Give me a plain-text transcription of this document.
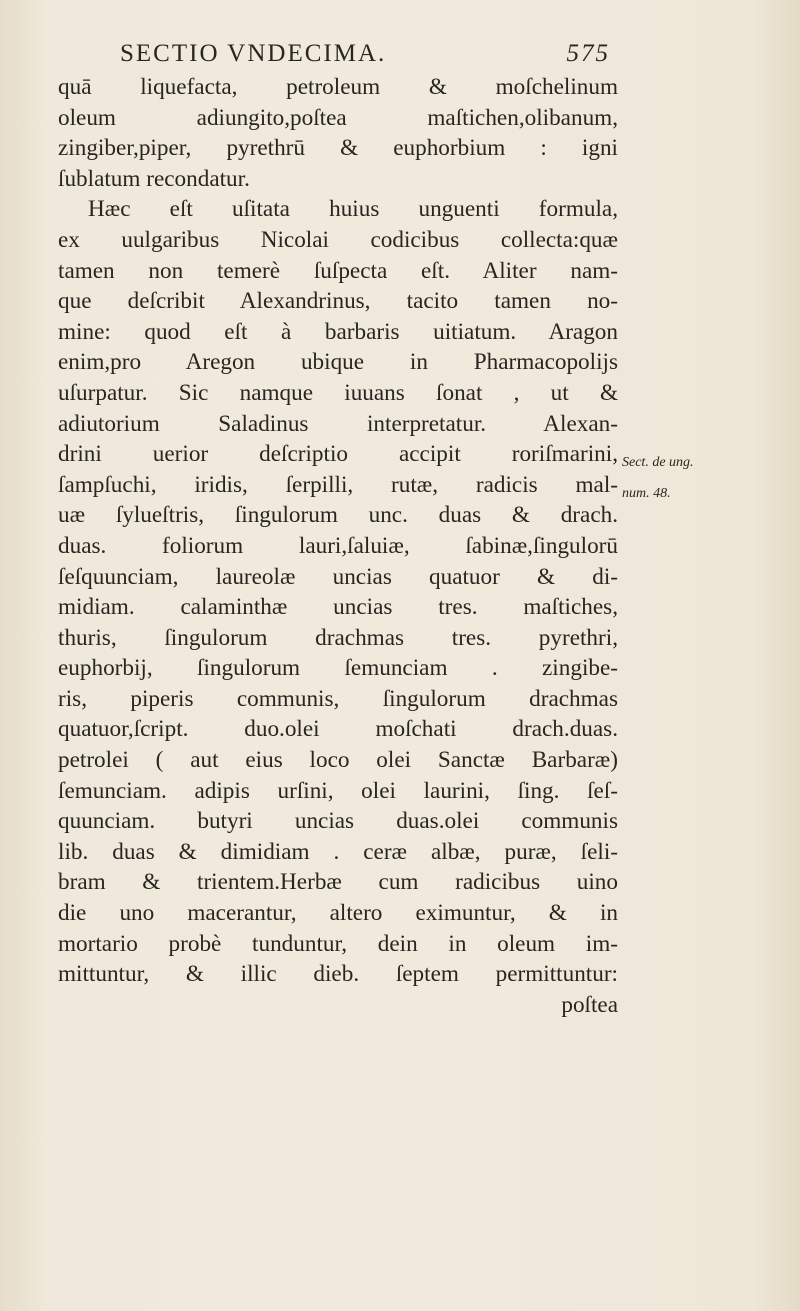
SECTIO VNDECIMA.	575
quā liquefacta, petroleum & moſchelinum
oleum adiungito,poſtea maſtichen,olibanum,
zingiber,piper, pyrethrū & euphorbium : igni
ſublatum recondatur.
Hæc eſt uſitata huius unguenti formula,
ex uulgaribus Nicolai codicibus collecta:quæ
tamen non temerè ſuſpecta eſt. Aliter nam-
que deſcribit Alexandrinus, tacito tamen no-
mine: quod eſt à barbaris uitiatum. Aragon
enim,pro Aregon ubique in Pharmacopolijs
uſurpatur. Sic namque iuuans ſonat , ut &
adiutorium Saladinus interpretatur. Alexan-
drini uerior deſcriptio accipit roriſmarini,
ſampſuchi, iridis, ſerpilli, rutæ, radicis mal-
uæ ſylueſtris, ſingulorum unc. duas & drach.
duas. foliorum lauri,ſaluiæ, ſabinæ,ſingulorū
ſeſquunciam, laureolæ uncias quatuor & di-
midiam. calaminthæ uncias tres. maſtiches,
thuris, ſingulorum drachmas tres. pyrethri,
euphorbij, ſingulorum ſemunciam . zingibe-
ris, piperis communis, ſingulorum drachmas
quatuor,ſcript. duo.olei moſchati drach.duas.
petrolei ( aut eius loco olei Sanctæ Barbaræ)
ſemunciam. adipis urſini, olei laurini, ſing. ſeſ-
quunciam. butyri uncias duas.olei communis
lib. duas & dimidiam . ceræ albæ, puræ, ſeli-
bram & trientem.Herbæ cum radicibus uino
die uno macerantur, altero eximuntur, & in
mortario probè tunduntur, dein in oleum im-
mittuntur, & illic dieb. ſeptem permittuntur:
poſtea
Sect. de ung.
num. 48.
